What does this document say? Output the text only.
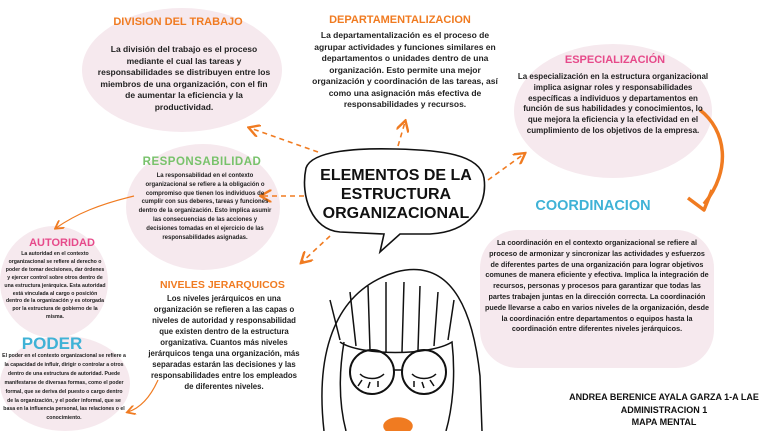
ELEMENTOS DE LA
ESTRUCTURA
ORGANIZACIONAL
DIVISION DEL TRABAJO
La división del trabajo es el proceso mediante el cual las tareas y responsabilidades se distribuyen entre los miembros de una organización, con el fin de aumentar la eficiencia y la productividad.
DEPARTAMENTALIZACION
La departamentalización es el proceso de agrupar actividades y funciones similares en departamentos o unidades dentro de una organización. Esto permite una mejor organización y coordinación de las tareas, así como una asignación más efectiva de responsabilidades y recursos.
ESPECIALIZACIÓN
La especialización en la estructura organizacional implica asignar roles y responsabilidades específicas a individuos y departamentos en función de sus habilidades y conocimientos, lo que mejora la eficiencia y la efectividad en el cumplimiento de los objetivos de la empresa.
RESPONSABILIDAD
La responsabilidad en el contexto organizacional se refiere a la obligación o compromiso que tienen los individuos de cumplir con sus deberes, tareas y funciones dentro de la organización. Esto implica asumir las consecuencias de las acciones y decisiones tomadas en el ejercicio de las responsabilidades asignadas.
AUTORIDAD
La autoridad en el contexto organizacional se refiere al derecho o poder de tomar decisiones, dar órdenes y ejercer control sobre otros dentro de una estructura jerárquica. Esta autoridad está vinculada al cargo o posición dentro de la organización y es otorgada por la estructura de gobierno de la misma.
PODER
El poder en el contexto organizacional se refiere a la capacidad de influir, dirigir o controlar a otros dentro de una estructura de autoridad. Puede manifestarse de diversas formas, como el poder formal, que se deriva del puesto o cargo dentro de la organización, y el poder informal, que se basa en la influencia personal, las relaciones o el conocimiento.
NIVELES JERARQUICOS
Los niveles jerárquicos en una organización se refieren a las capas o niveles de autoridad y responsabilidad que existen dentro de la estructura organizativa. Cuantos más niveles jerárquicos tenga una organización, más separadas estarán las decisiones y las responsabilidades entre los empleados de diferentes niveles.
COORDINACION
La coordinación en el contexto organizacional se refiere al proceso de armonizar y sincronizar las actividades y esfuerzos de diferentes partes de una organización para lograr objetivos comunes de manera eficiente y efectiva. Implica la integración de recursos, personas y procesos para garantizar que todas las partes trabajen juntas en la dirección correcta. La coordinación puede llevarse a cabo en varios niveles de la organización, desde la coordinación entre departamentos o equipos hasta la coordinación entre diferentes niveles jerárquicos.
ANDREA BERENICE AYALA GARZA 1-A LAE
ADMINISTRACION 1
MAPA MENTAL
